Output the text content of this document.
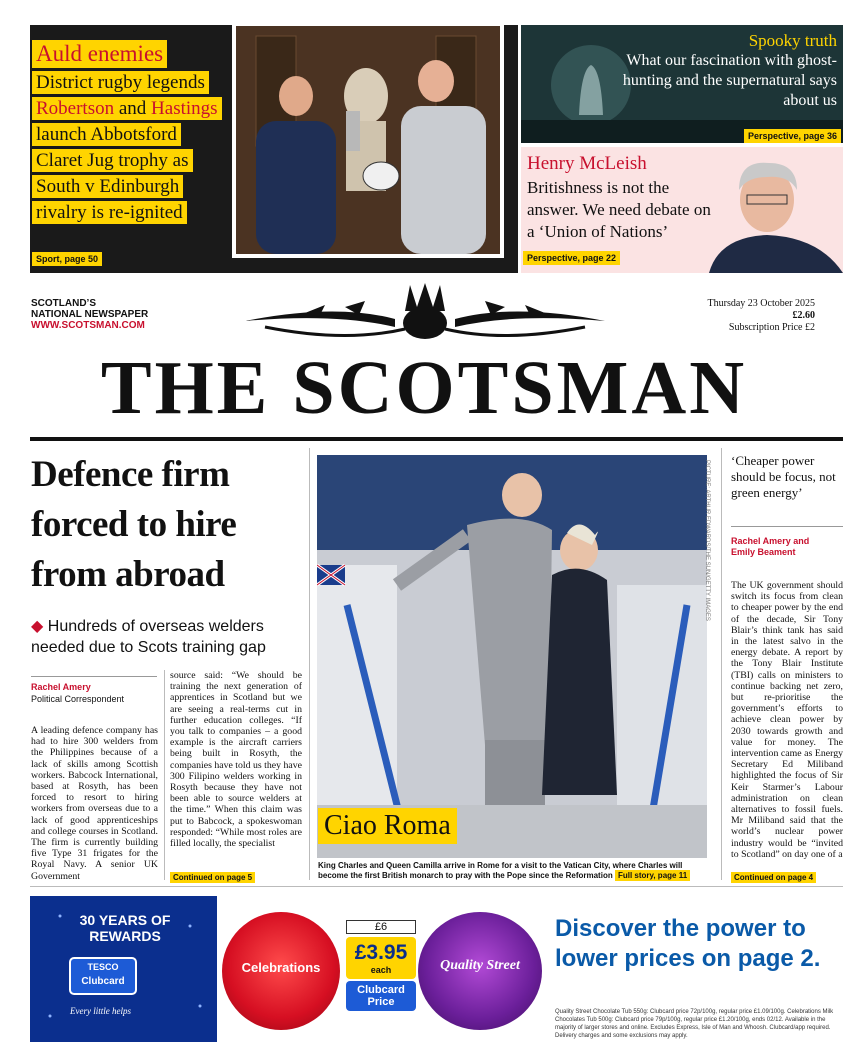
Auld enemies
District rugby legends
Robertson and Hastings
launch Abbotsford
Claret Jug trophy as
South v Edinburgh
rivalry is re-ignited
Sport, page 50
Spooky truth
What our fascination with ghost-hunting and the supernatural says about us
Perspective, page 36
Henry McLeish
Britishness is not the answer. We need debate on a ‘Union of Nations’
Perspective, page 22
SCOTLAND’S
NATIONAL NEWSPAPER
WWW.SCOTSMAN.COM
Thursday 23 October 2025
£2.60
Subscription Price £2
THE SCOTSMAN
Defence firm forced to hire from abroad
◆ Hundreds of overseas welders needed due to Scots training gap
Rachel Amery
Political Correspondent
A leading defence company has had to hire 300 welders from the Philippines because of a lack of skills among Scottish workers. Babcock International, based at Rosyth, has been forced to resort to hiring workers from overseas due to a lack of good apprenticeships and college courses in Scotland. The firm is currently building five Type 31 frigates for the Royal Navy. A senior UK Government
source said: “We should be training the next generation of apprentices in Scotland but we are seeing a real-terms cut in further education colleges. “If you talk to companies – a good example is the aircraft carriers being built in Rosyth, the companies have told us they have 300 Filipino welders working in Rosyth because they have not been able to source welders at the time.” When this claim was put to Babcock, a spokeswoman responded: “While most roles are filled locally, the specialist
Continued on page 5
PICTURE: ARTHUR EDWARDS/THE SUN/GETTY IMAGES
Ciao Roma
King Charles and Queen Camilla arrive in Rome for a visit to the Vatican City, where Charles will become the first British monarch to pray with the Pope since the Reformation Full story, page 11
‘Cheaper power should be focus, not green energy’
Rachel Amery and Emily Beament
The UK government should switch its focus from clean to cheaper power by the end of the decade, Sir Tony Blair’s think tank has said in the latest salvo in the energy debate. A report by the Tony Blair Institute (TBI) calls on ministers to continue backing net zero, but re-prioritise the government’s efforts to achieve clean power by 2030 towards growth and value for money. The intervention came as Energy Secretary Ed Miliband highlighted the focus of Sir Keir Starmer’s Labour administration on clean alternatives to fossil fuels. Mr Miliband said that the world’s nuclear power industry would be “invited to Scotland” on day one of a
Continued on page 4
30 YEARS OF REWARDS
TESCO
Clubcard
Every little helps
Celebrations
£6
£3.95
each
Clubcard Price
Quality Street
Discover the power to lower prices on page 2.
Quality Street Chocolate Tub 550g: Clubcard price 72p/100g, regular price £1.09/100g. Celebrations Milk Chocolates Tub 500g: Clubcard price 79p/100g, regular price £1.20/100g, ends 02/12. Available in the majority of larger stores and online. Excludes Express, Isle of Man and Whoosh. Clubcard/app required. Delivery charges and some exclusions may apply.
